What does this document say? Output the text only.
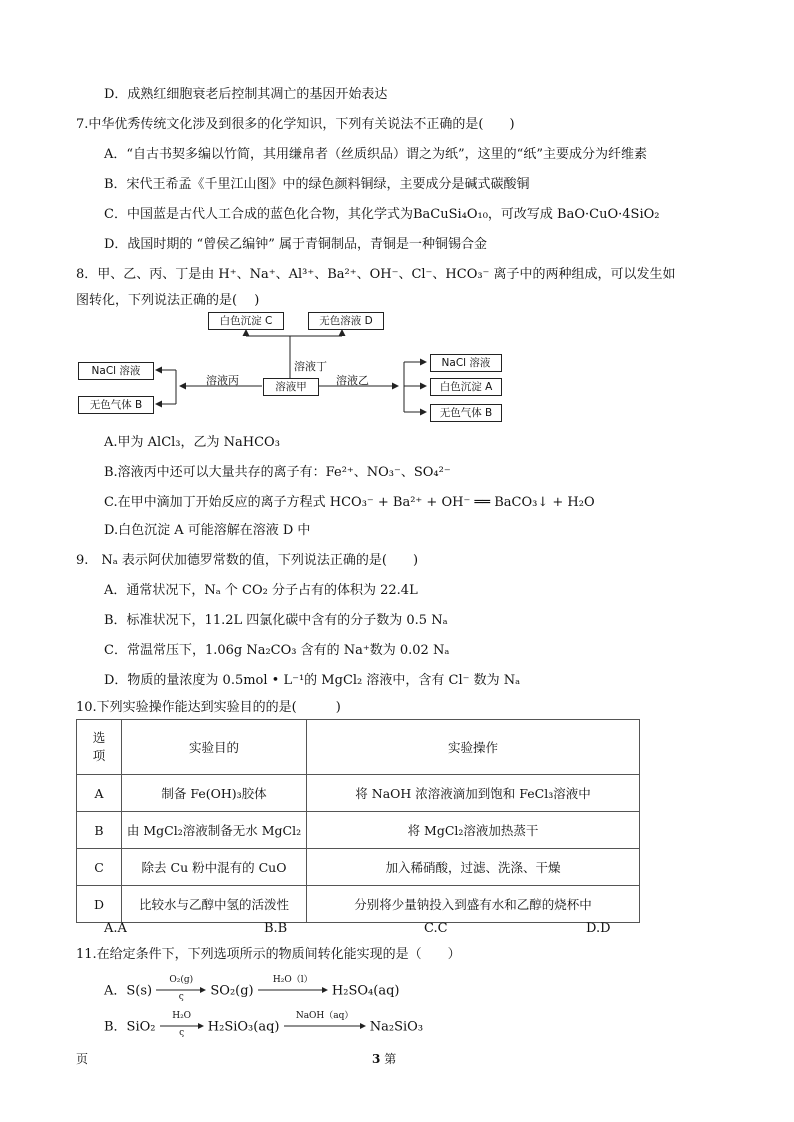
D．成熟红细胞衰老后控制其凋亡的基因开始表达
7.中华优秀传统文化涉及到很多的化学知识，下列有关说法不正确的是(　　)
A．“自古书契多编以竹简，其用缣帛者（丝质织品）谓之为纸”，这里的“纸”主要成分为纤维素
B．宋代王希孟《千里江山图》中的绿色颜料铜绿，主要成分是碱式碳酸铜
C．中国蓝是古代人工合成的蓝色化合物，其化学式为BaCuSi₄O₁₀，可改写成 BaO·CuO·4SiO₂
D．战国时期的 “曾侯乙编钟” 属于青铜制品，青铜是一种铜锡合金
8．甲、乙、丙、丁是由 H⁺、Na⁺、Al³⁺、Ba²⁺、OH⁻、Cl⁻、HCO₃⁻ 离子中的两种组成，可以发生如
图转化，下列说法正确的是(　 )
白色沉淀 C	无色溶液 D
溶液丁
溶液甲
溶液丙	溶液乙
NaCl 溶液
无色气体 B
NaCl 溶液
白色沉淀 A
无色气体 B
A.甲为 AlCl₃，乙为 NaHCO₃
B.溶液丙中还可以大量共存的离子有：Fe²⁺、NO₃⁻、SO₄²⁻
C.在甲中滴加丁开始反应的离子方程式 HCO₃⁻ + Ba²⁺ + OH⁻ ══ BaCO₃↓ + H₂O
D.白色沉淀 A 可能溶解在溶液 D 中
9.　Nₐ 表示阿伏加德罗常数的值，下列说法正确的是(　　)
A．通常状况下，Nₐ 个 CO₂ 分子占有的体积为 22.4L
B．标准状况下，11.2L 四氯化碳中含有的分子数为 0.5 Nₐ
C．常温常压下，1.06g Na₂CO₃ 含有的 Na⁺数为 0.02 Nₐ
D．物质的量浓度为 0.5mol • L⁻¹的 MgCl₂ 溶液中，含有 Cl⁻ 数为 Nₐ
10.下列实验操作能达到实验目的的是(　　　)
选
项	实验目的	实验操作
A	制备 Fe(OH)₃胶体	将 NaOH 浓溶液滴加到饱和 FeCl₃溶液中
B	由 MgCl₂溶液制备无水 MgCl₂	将 MgCl₂溶液加热蒸干
C	除去 Cu 粉中混有的 CuO	加入稀硝酸，过滤、洗涤、干燥
D	比较水与乙醇中氢的活泼性	分别将少量钠投入到盛有水和乙醇的烧杯中
A.A	B.B	C.C	D.D
11.在给定条件下，下列选项所示的物质间转化能实现的是（　　）
A．S(s)
O₂(g)
ς	SO₂(g)
H₂O（l）
H₂SO₄(aq)
B．SiO₂
H₂O
ς	H₂SiO₃(aq)
NaOH（aq）
Na₂SiO₃
页	3 第
